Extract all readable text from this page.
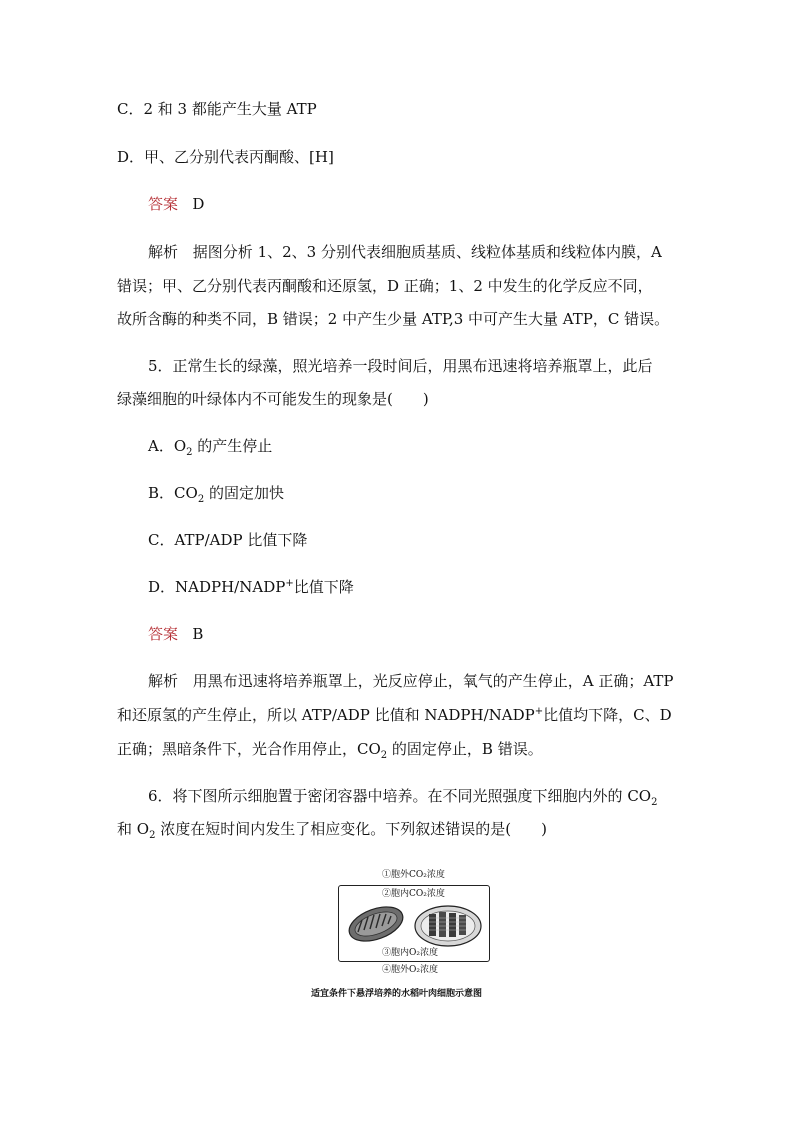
C．2 和 3 都能产生大量 ATP
D．甲、乙分别代表丙酮酸、[H]
答案 D
解析 据图分析 1、2、3 分别代表细胞质基质、线粒体基质和线粒体内膜，A
错误；甲、乙分别代表丙酮酸和还原氢，D 正确；1、2 中发生的化学反应不同，
故所含酶的种类不同，B 错误；2 中产生少量 ATP,3 中可产生大量 ATP，C 错误。
5．正常生长的绿藻，照光培养一段时间后，用黑布迅速将培养瓶罩上，此后
绿藻细胞的叶绿体内不可能发生的现象是(　　)
A．$O_2$ 的产生停止
B．$CO_2$ 的固定加快
C．ATP/ADP 比值下降
D．NADPH/NADP+比值下降
答案 B
解析 用黑布迅速将培养瓶罩上，光反应停止，氧气的产生停止，A 正确；ATP
和还原氢的产生停止，所以 ATP/ADP 比值和 NADPH/NADP+比值均下降，C、D
正确；黑暗条件下，光合作用停止，$CO_2$ 的固定停止，B 错误。
6．将下图所示细胞置于密闭容器中培养。在不同光照强度下细胞内外的 $CO_2$
和 $O_2$ 浓度在短时间内发生了相应变化。下列叙述错误的是(　　)
①胞外CO₂浓度
②胞内CO₂浓度
③胞内O₂浓度
④胞外O₂浓度
适宜条件下悬浮培养的水稻叶肉细胞示意图
